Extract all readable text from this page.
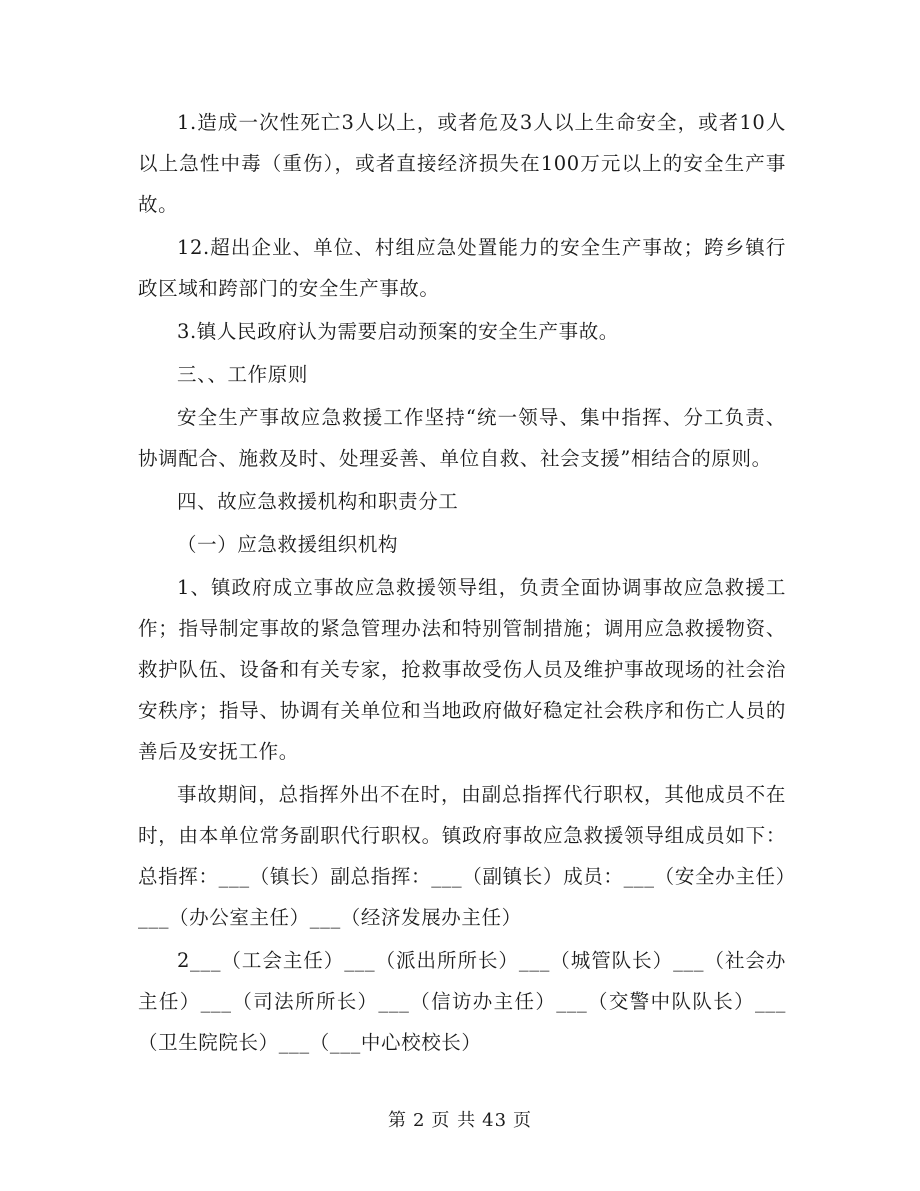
1.造成一次性死亡3人以上，或者危及3人以上生命安全，或者10人以上急性中毒（重伤），或者直接经济损失在100万元以上的安全生产事故。

12.超出企业、单位、村组应急处置能力的安全生产事故；跨乡镇行政区域和跨部门的安全生产事故。

3.镇人民政府认为需要启动预案的安全生产事故。

三、、工作原则

安全生产事故应急救援工作坚持“统一领导、集中指挥、分工负责、协调配合、施救及时、处理妥善、单位自救、社会支援”相结合的原则。

四、故应急救援机构和职责分工

（一）应急救援组织机构

1、镇政府成立事故应急救援领导组，负责全面协调事故应急救援工作；指导制定事故的紧急管理办法和特别管制措施；调用应急救援物资、救护队伍、设备和有关专家，抢救事故受伤人员及维护事故现场的社会治安秩序；指导、协调有关单位和当地政府做好稳定社会秩序和伤亡人员的善后及安抚工作。

事故期间，总指挥外出不在时，由副总指挥代行职权，其他成员不在时，由本单位常务副职代行职权。镇政府事故应急救援领导组成员如下：总指挥：___（镇长）副总指挥：___（副镇长）成员：___（安全办主任）___（办公室主任）___（经济发展办主任）

2___（工会主任）___（派出所所长）___（城管队长）___（社会办主任）___（司法所所长）___（信访办主任）___（交警中队队长）___（卫生院院长）___（___中心校校长）

第 2 页 共 43 页
